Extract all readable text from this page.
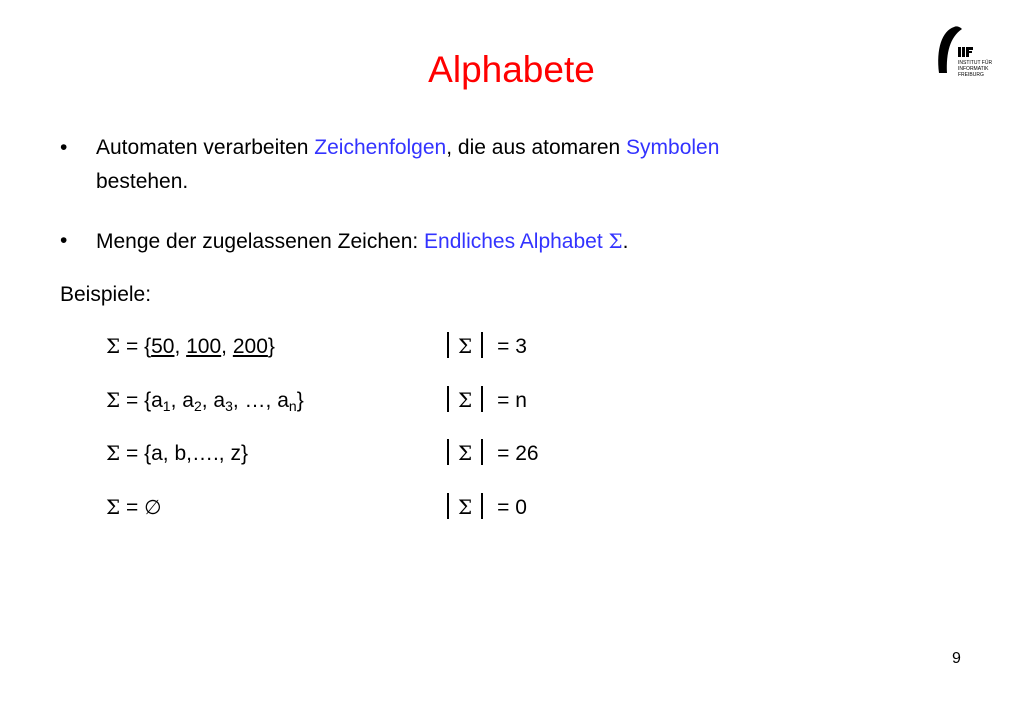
Alphabete	INSTITUT FÜR
INFORMATIK
FREIBURG
• Automaten verarbeiten Zeichenfolgen, die aus atomaren Symbolen
bestehen.
• Menge der zugelassenen Zeichen: Endliches Alphabet Σ.
Beispiele:
Σ = {50, 100, 200}	Σ = 3
$\Sigma = \{a_1$, $a_2$, $a_3$, …, $a_n$}	Σ = n
Σ = {a, b,…., z}	Σ = 26
Σ = ∅	Σ = 0
9
